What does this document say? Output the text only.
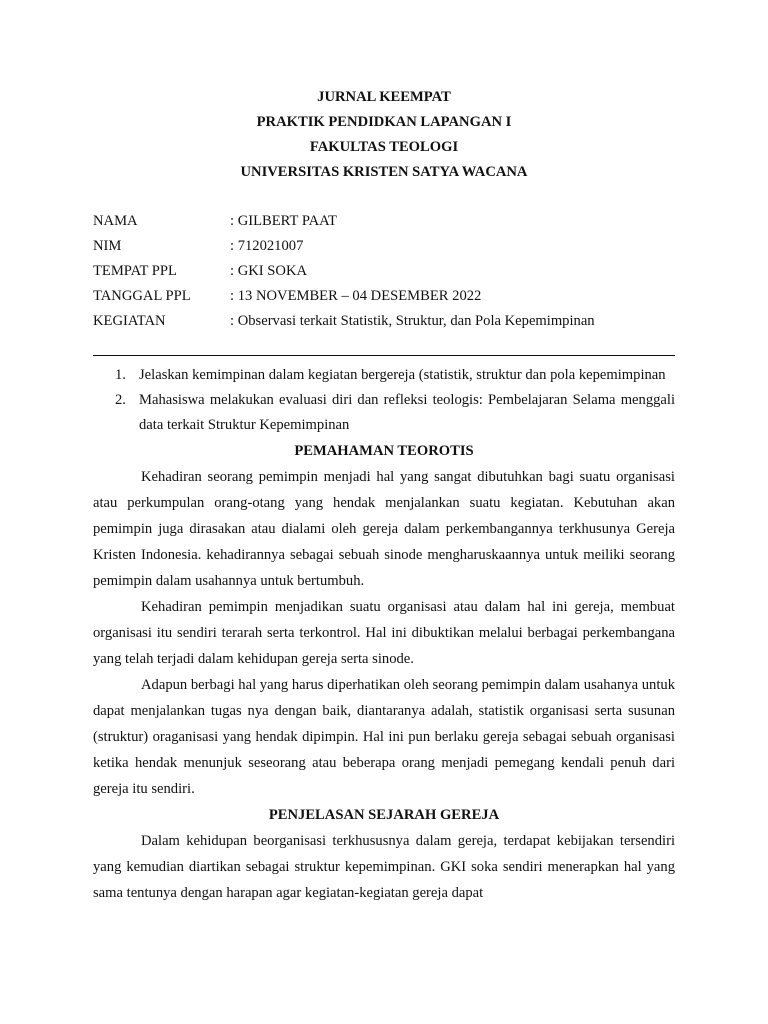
JURNAL KEEMPAT
PRAKTIK PENDIDKAN LAPANGAN I
FAKULTAS TEOLOGI
UNIVERSITAS KRISTEN SATYA WACANA
NAMA	: GILBERT PAAT
NIM	: 712021007
TEMPAT PPL	: GKI SOKA
TANGGAL PPL	: 13 NOVEMBER – 04 DESEMBER 2022
KEGIATAN	: Observasi terkait Statistik, Struktur, dan Pola Kepemimpinan
1. Jelaskan kemimpinan dalam kegiatan bergereja (statistik, struktur dan pola kepemimpinan
2. Mahasiswa melakukan evaluasi diri dan refleksi teologis: Pembelajaran Selama menggali data terkait Struktur Kepemimpinan
PEMAHAMAN TEOROTIS

Kehadiran seorang pemimpin menjadi hal yang sangat dibutuhkan bagi suatu organisasi atau perkumpulan orang-otang yang hendak menjalankan suatu kegiatan. Kebutuhan akan pemimpin juga dirasakan atau dialami oleh gereja dalam perkembangannya terkhusunya Gereja Kristen Indonesia. kehadirannya sebagai sebuah sinode mengharuskaannya untuk meiliki seorang pemimpin dalam usahannya untuk bertumbuh.

Kehadiran pemimpin menjadikan suatu organisasi atau dalam hal ini gereja, membuat organisasi itu sendiri terarah serta terkontrol. Hal ini dibuktikan melalui berbagai perkembangana yang telah terjadi dalam kehidupan gereja serta sinode.

Adapun berbagi hal yang harus diperhatikan oleh seorang pemimpin dalam usahanya untuk dapat menjalankan tugas nya dengan baik, diantaranya adalah, statistik organisasi serta susunan (struktur) oraganisasi yang hendak dipimpin. Hal ini pun berlaku gereja sebagai sebuah organisasi ketika hendak menunjuk seseorang atau beberapa orang menjadi pemegang kendali penuh dari gereja itu sendiri.

PENJELASAN SEJARAH GEREJA

Dalam kehidupan beorganisasi terkhususnya dalam gereja, terdapat kebijakan tersendiri yang kemudian diartikan sebagai struktur kepemimpinan. GKI soka sendiri menerapkan hal yang sama tentunya dengan harapan agar kegiatan-kegiatan gereja dapat
